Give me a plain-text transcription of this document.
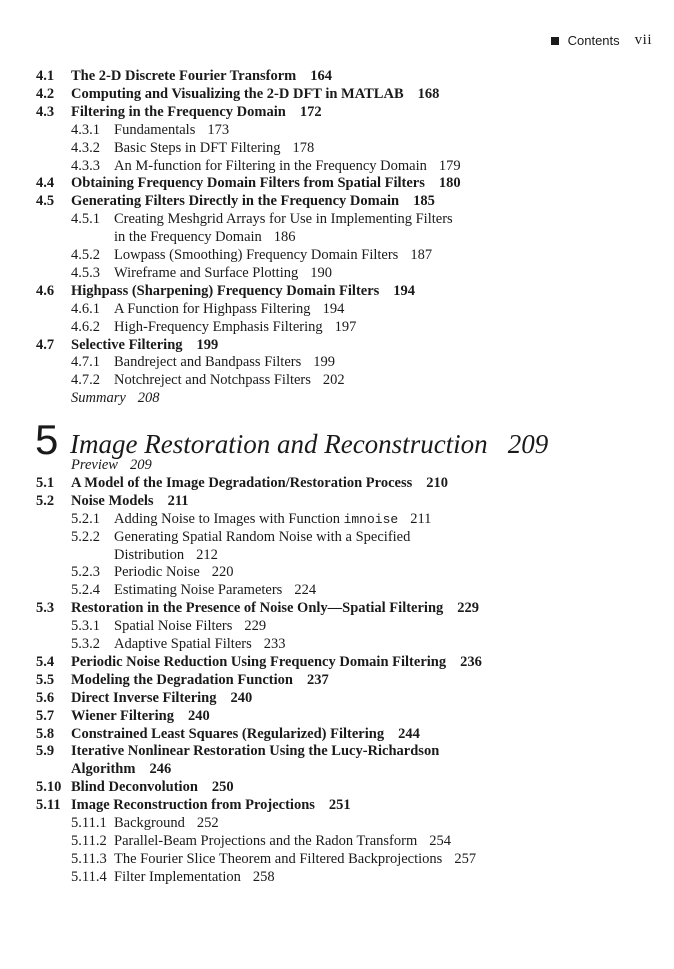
Contents vii
4.1 The 2-D Discrete Fourier Transform 164
4.2 Computing and Visualizing the 2-D DFT in MATLAB 168
4.3 Filtering in the Frequency Domain 172
4.3.1 Fundamentals 173
4.3.2 Basic Steps in DFT Filtering 178
4.3.3 An M-function for Filtering in the Frequency Domain 179
4.4 Obtaining Frequency Domain Filters from Spatial Filters 180
4.5 Generating Filters Directly in the Frequency Domain 185
4.5.1 Creating Meshgrid Arrays for Use in Implementing Filters
in the Frequency Domain 186
4.5.2 Lowpass (Smoothing) Frequency Domain Filters 187
4.5.3 Wireframe and Surface Plotting 190
4.6 Highpass (Sharpening) Frequency Domain Filters 194
4.6.1 A Function for Highpass Filtering 194
4.6.2 High-Frequency Emphasis Filtering 197
4.7 Selective Filtering 199
4.7.1 Bandreject and Bandpass Filters 199
4.7.2 Notchreject and Notchpass Filters 202
Summary 208
5 Image Restoration and Reconstruction 209
Preview 209
5.1 A Model of the Image Degradation/Restoration Process 210
5.2 Noise Models 211
5.2.1 Adding Noise to Images with Function imnoise 211
5.2.2 Generating Spatial Random Noise with a Specified
Distribution 212
5.2.3 Periodic Noise 220
5.2.4 Estimating Noise Parameters 224
5.3 Restoration in the Presence of Noise Only—Spatial Filtering 229
5.3.1 Spatial Noise Filters 229
5.3.2 Adaptive Spatial Filters 233
5.4 Periodic Noise Reduction Using Frequency Domain Filtering 236
5.5 Modeling the Degradation Function 237
5.6 Direct Inverse Filtering 240
5.7 Wiener Filtering 240
5.8 Constrained Least Squares (Regularized) Filtering 244
5.9 Iterative Nonlinear Restoration Using the Lucy-Richardson
Algorithm 246
5.10 Blind Deconvolution 250
5.11 Image Reconstruction from Projections 251
5.11.1 Background 252
5.11.2 Parallel-Beam Projections and the Radon Transform 254
5.11.3 The Fourier Slice Theorem and Filtered Backprojections 257
5.11.4 Filter Implementation 258
